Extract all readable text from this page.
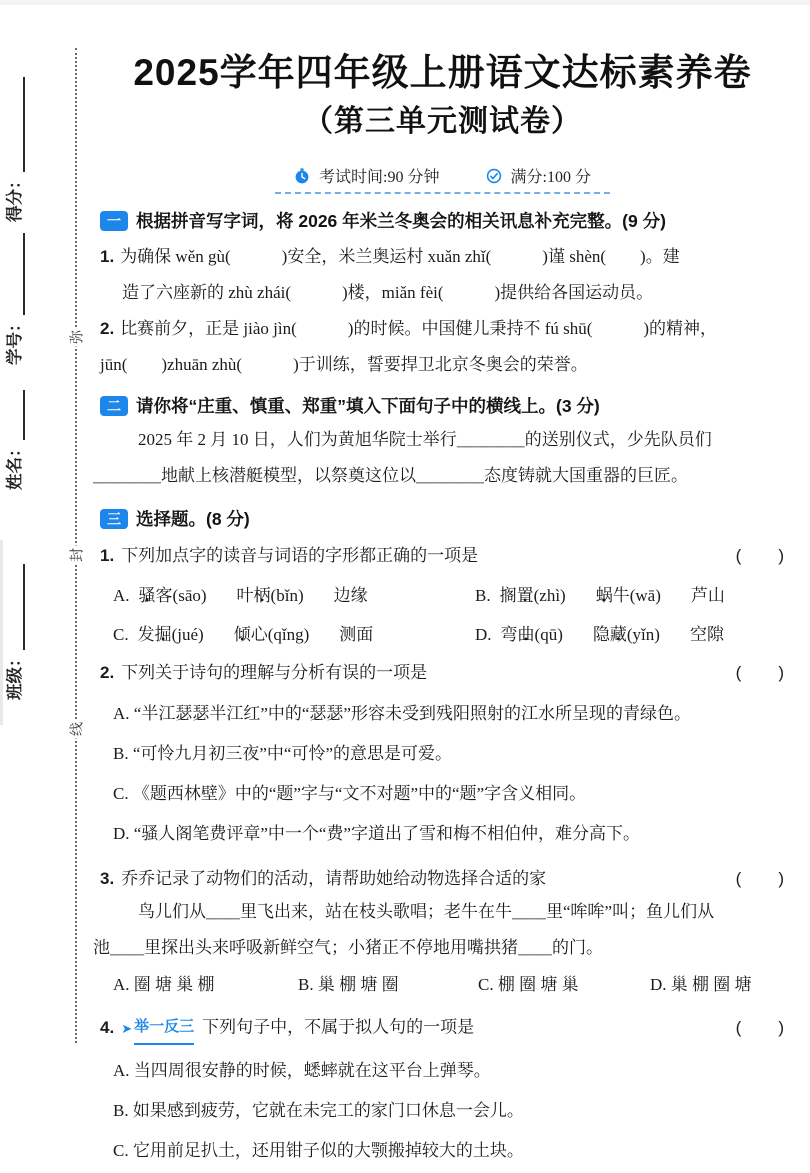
弥
封
线
得分：
学号：
姓名：
班级：
2025学年四年级上册语文达标素养卷
（第三单元测试卷）
考试时间:90 分钟	满分:100 分
一 根据拼音写字词，将 2026 年米兰冬奥会的相关讯息补充完整。(9 分)
1. 为确保 wěn gù(　　　)安全，米兰奥运村 xuǎn zhǐ(　　　)谨 shèn(　　)。建
造了六座新的 zhù zhái(　　　)楼，miǎn fèi(　　　)提供给各国运动员。
2. 比赛前夕，正是 jiào jìn(　　　)的时候。中国健儿秉持不 fú shū(　　　)的精神，
jūn(　　)zhuān zhù(　　　)于训练，誓要捍卫北京冬奥会的荣誉。
二 请你将“庄重、慎重、郑重”填入下面句子中的横线上。(3 分)
2025 年 2 月 10 日，人们为黄旭华院士举行＿＿＿＿的送别仪式，少先队员们
＿＿＿＿地献上核潜艇模型，以祭奠这位以＿＿＿＿态度铸就大国重器的巨匠。
三 选择题。(8 分)
1. 下列加点字的读音与词语的字形都正确的一项是	(　　)
A. 骚 •客(sāo) 叶柄 •(bǐn) 边缘	B. 搁置 •(zhì) 蜗 •牛(wā) 芦山
C. 发掘 •(jué) 倾 •心(qǐng) 测面	D. 弯曲 •(qū) 隐藏 •(yǐn) 空隙
2. 下列关于诗句的理解与分析有误的一项是	(　　)
A. “半江瑟瑟半江红”中的“瑟瑟”形容未受到残阳照射的江水所呈现的青绿色。
B. “可怜九月初三夜”中“可怜”的意思是可爱。
C. 《题西林壁》中的“题”字与“文不对题”中的“题”字含义相同。
D. “骚人阁笔费评章”中一个“费”字道出了雪和梅不相伯仲，难分高下。
3. 乔乔记录了动物们的活动，请帮助她给动物选择合适的家	(　　)
鸟儿们从＿＿里飞出来，站在枝头歌唱；老牛在牛＿＿里“哞哞”叫；鱼儿们从
池＿＿里探出头来呼吸新鲜空气；小猪正不停地用嘴拱猪＿＿的门。
A. 圈 塘 巢 棚	B. 巢 棚 塘 圈	C. 棚 圈 塘 巢	D. 巢 棚 圈 塘
4. ➤ 举一反三 下列句子中，不属于拟人句的一项是	(　　)
A. 当四周很安静的时候，蟋蟀就在这平台上弹琴。
B. 如果感到疲劳，它就在未完工的家门口休息一会儿。
C. 它用前足扒土，还用钳子似的大颚搬掉较大的土块。
